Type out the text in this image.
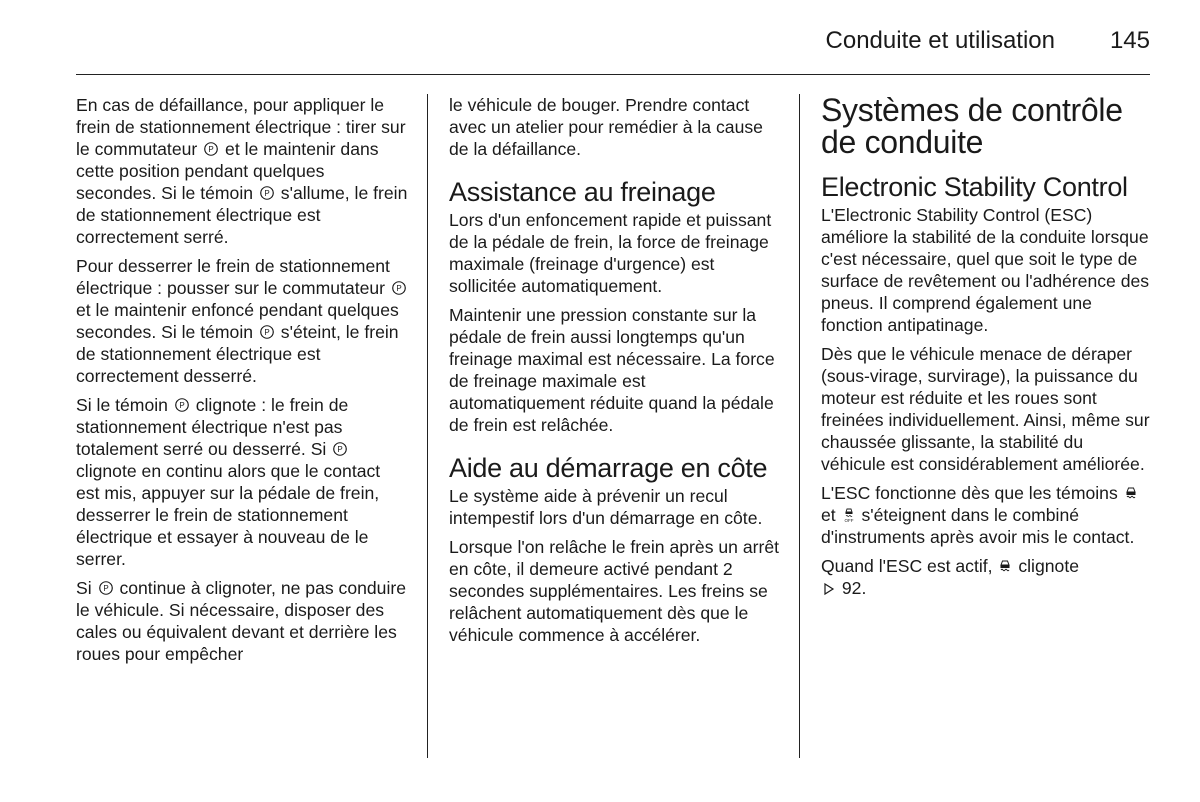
Conduite et utilisation 145

En cas de défaillance, pour appliquer le frein de stationnement électrique : tirer sur le commutateur P et le maintenir dans cette position pendant quelques secondes. Si le témoin P s'allume, le frein de stationnement électrique est correctement serré.

Pour desserrer le frein de stationnement électrique : pousser sur le commutateur P
et le maintenir enfoncé pendant quelques secondes. Si le témoin P s'éteint, le frein de stationnement électrique est correctement desserré.

Si le témoin P clignote : le frein de stationnement électrique n'est pas totalement serré ou desserré. Si P
clignote en continu alors que le contact est mis, appuyer sur la pédale de frein, desserrer le frein de stationnement électrique et essayer à nouveau de le serrer.

Si P continue à clignoter, ne pas conduire le véhicule. Si nécessaire, disposer des cales ou équivalent devant et derrière les roues pour empêcher

le véhicule de bouger. Prendre contact avec un atelier pour remédier à la cause de la défaillance.

Assistance au freinage

Lors d'un enfoncement rapide et puissant de la pédale de frein, la force de freinage maximale (freinage d'urgence) est sollicitée automatiquement.

Maintenir une pression constante sur la pédale de frein aussi longtemps qu'un freinage maximal est nécessaire. La force de freinage maximale est automatiquement réduite quand la pédale de frein est relâchée.

Aide au démarrage en côte

Le système aide à prévenir un recul intempestif lors d'un démarrage en côte.

Lorsque l'on relâche le frein après un arrêt en côte, il demeure activé pendant 2 secondes supplémentaires. Les freins se relâchent automatiquement dès que le véhicule commence à accélérer.

Systèmes de contrôle de conduite
Electronic Stability Control

L'Electronic Stability Control (ESC) améliore la stabilité de la conduite lorsque c'est nécessaire, quel que soit le type de surface de revêtement ou l'adhérence des pneus. Il comprend également une fonction antipatinage.

Dès que le véhicule menace de déraper (sous-virage, survirage), la puissance du moteur est réduite et les roues sont freinées individuellement. Ainsi, même sur chaussée glissante, la stabilité du véhicule est considérablement améliorée.

L'ESC fonctionne dès que les témoins  et OFF s'éteignent dans le combiné d'instruments après avoir mis le contact.

Quand l'ESC est actif, clignote
92.
